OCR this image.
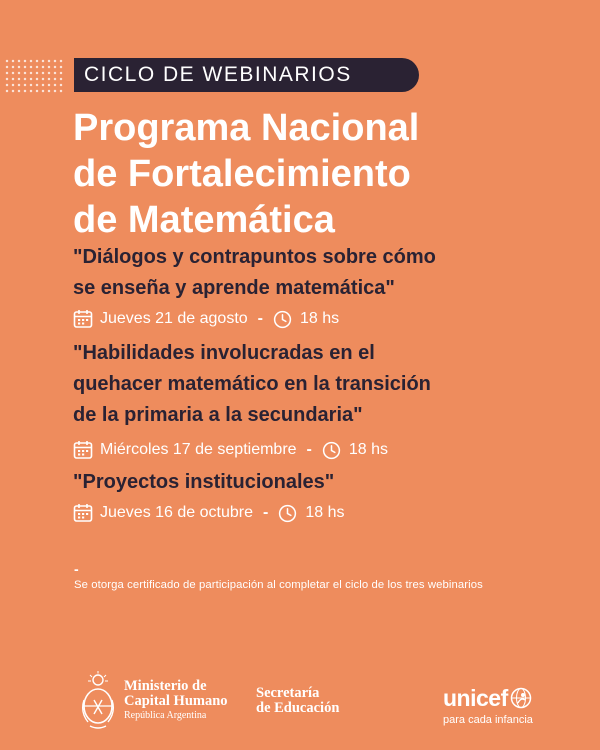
CICLO DE WEBINARIOS
Programa Nacional
de Fortalecimiento
de Matemática

"Diálogos y contrapuntos sobre cómo
se enseña y aprende matemática"

Jueves 21 de agosto - 18 hs

"Habilidades involucradas en el
quehacer matemático en la transición
de la primaria a la secundaria"

Miércoles 17 de septiembre - 18 hs

"Proyectos institucionales"

Jueves 16 de octubre - 18 hs
-
Se otorga certificado de participación al completar el ciclo de los tres webinarios
Ministerio de
Capital Humano
República Argentina
Secretaría
de Educación	unicef
para cada infancia
